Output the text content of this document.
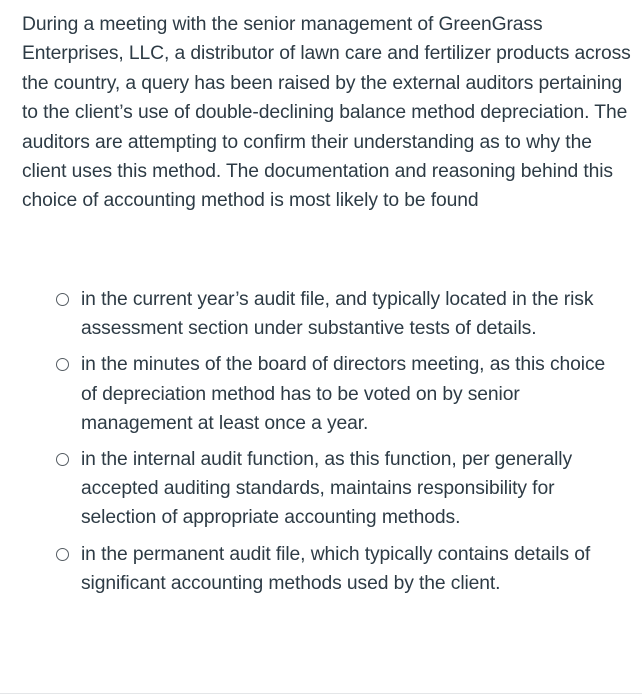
During a meeting with the senior management of GreenGrass Enterprises, LLC, a distributor of lawn care and fertilizer products across the country, a query has been raised by the external auditors pertaining to the client’s use of double-declining balance method depreciation. The auditors are attempting to confirm their understanding as to why the client uses this method. The documentation and reasoning behind this choice of accounting method is most likely to be found

in the current year’s audit file, and typically located in the risk assessment section under substantive tests of details.
in the minutes of the board of directors meeting, as this choice of depreciation method has to be voted on by senior management at least once a year.
in the internal audit function, as this function, per generally accepted auditing standards, maintains responsibility for selection of appropriate accounting methods.
in the permanent audit file, which typically contains details of significant accounting methods used by the client.
